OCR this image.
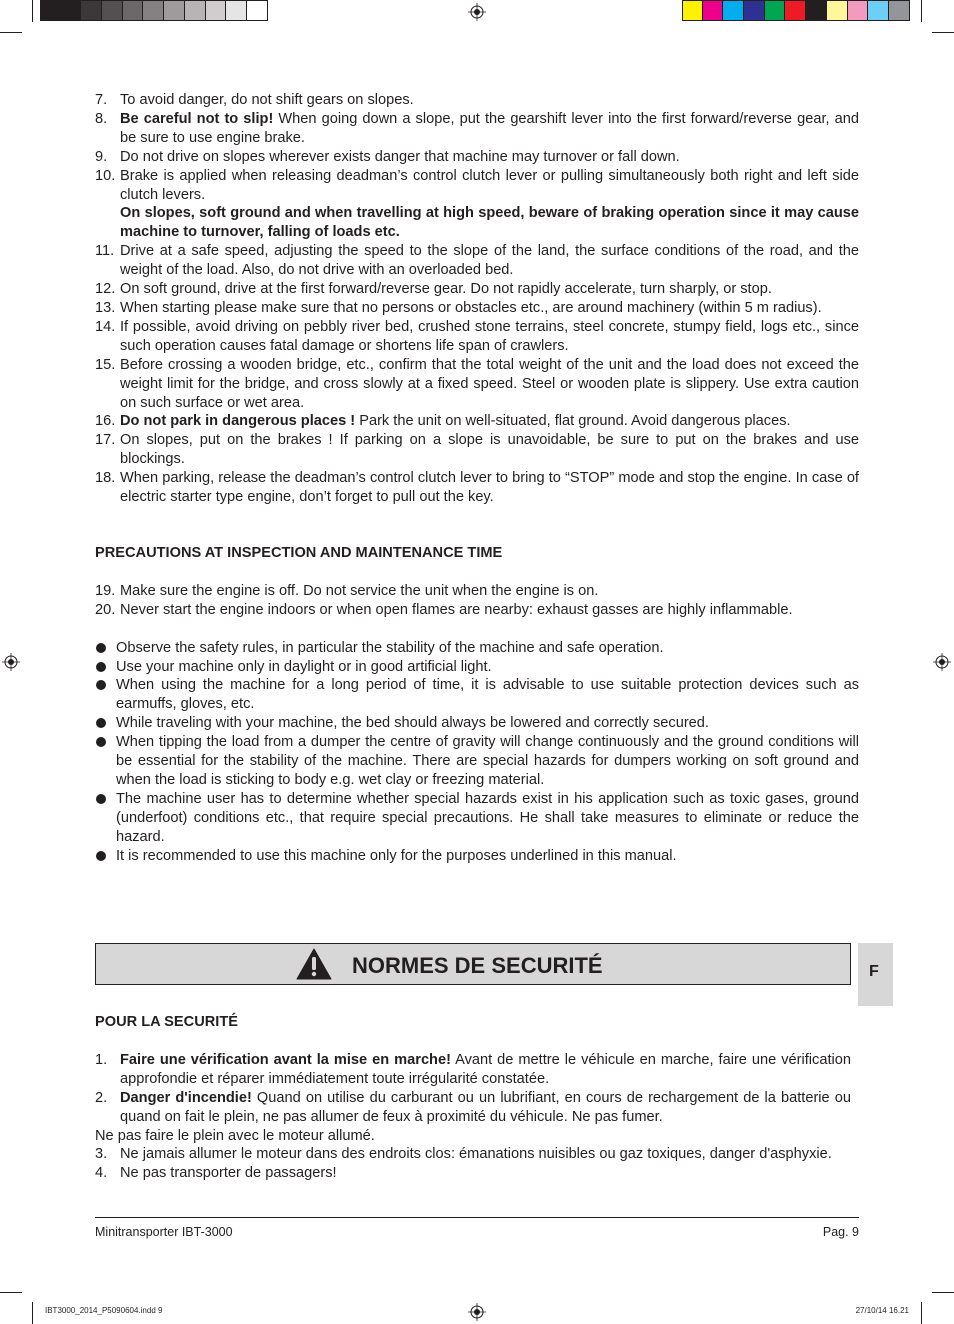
7. To avoid danger, do not shift gears on slopes.
8. Be careful not to slip! When going down a slope, put the gearshift lever into the first forward/reverse gear, and be sure to use engine brake.
9. Do not drive on slopes wherever exists danger that machine may turnover or fall down.
10. Brake is applied when releasing deadman’s control clutch lever or pulling simultaneously both right and left side clutch levers.
On slopes, soft ground and when travelling at high speed, beware of braking operation since it may cause machine to turnover, falling of loads etc.
11. Drive at a safe speed, adjusting the speed to the slope of the land, the surface conditions of the road, and the weight of the load. Also, do not drive with an overloaded bed.
12. On soft ground, drive at the first forward/reverse gear. Do not rapidly accelerate, turn sharply, or stop.
13. When starting please make sure that no persons or obstacles etc., are around machinery (within 5 m radius).
14. If possible, avoid driving on pebbly river bed, crushed stone terrains, steel concrete, stumpy field, logs etc., since such operation causes fatal damage or shortens life span of crawlers.
15. Before crossing a wooden bridge, etc., confirm that the total weight of the unit and the load does not exceed the weight limit for the bridge, and cross slowly at a fixed speed. Steel or wooden plate is slippery. Use extra caution on such surface or wet area.
16. Do not park in dangerous places ! Park the unit on well-situated, flat ground. Avoid dangerous places.
17. On slopes, put on the brakes ! If parking on a slope is unavoidable, be sure to put on the brakes and use blockings.
18. When parking, release the deadman’s control clutch lever to bring to “STOP” mode and stop the engine. In case of electric starter type engine, don’t forget to pull out the key.

PRECAUTIONS AT INSPECTION AND MAINTENANCE TIME

19. Make sure the engine is off. Do not service the unit when the engine is on.
20. Never start the engine indoors or when open flames are nearby: exhaust gasses are highly inflammable.
Observe the safety rules, in particular the stability of the machine and safe operation.
Use your machine only in daylight or in good artificial light.
When using the machine for a long period of time, it is advisable to use suitable protection devices such as earmuffs, gloves, etc.
While traveling with your machine, the bed should always be lowered and correctly secured.
When tipping the load from a dumper the centre of gravity will change continuously and the ground conditions will be essential for the stability of the machine. There are special hazards for dumpers working on soft ground and when the load is sticking to body e.g. wet clay or freezing material.
The machine user has to determine whether special hazards exist in his application such as toxic gases, ground (underfoot) conditions etc., that require special precautions. He shall take measures to eliminate or reduce the hazard.
It is recommended to use this machine only for the purposes underlined in this manual.
NORMES DE SECURITÉ	F

POUR LA SECURITÉ

1. Faire une vérification avant la mise en marche! Avant de mettre le véhicule en marche, faire une vérification approfondie et réparer immédiatement toute irrégularité constatée.
2. Danger d'incendie! Quand on utilise du carburant ou un lubrifiant, en cours de rechargement de la batterie ou quand on fait le plein, ne pas allumer de feux à proximité du véhicule. Ne pas fumer.
Ne pas faire le plein avec le moteur allumé.
3. Ne jamais allumer le moteur dans des endroits clos: émanations nuisibles ou gaz toxiques, danger d'asphyxie.
4. Ne pas transporter de passagers!
Minitransporter IBT-3000	Pag. 9
IBT3000_2014_P5090604.indd 9	27/10/14 16.21
